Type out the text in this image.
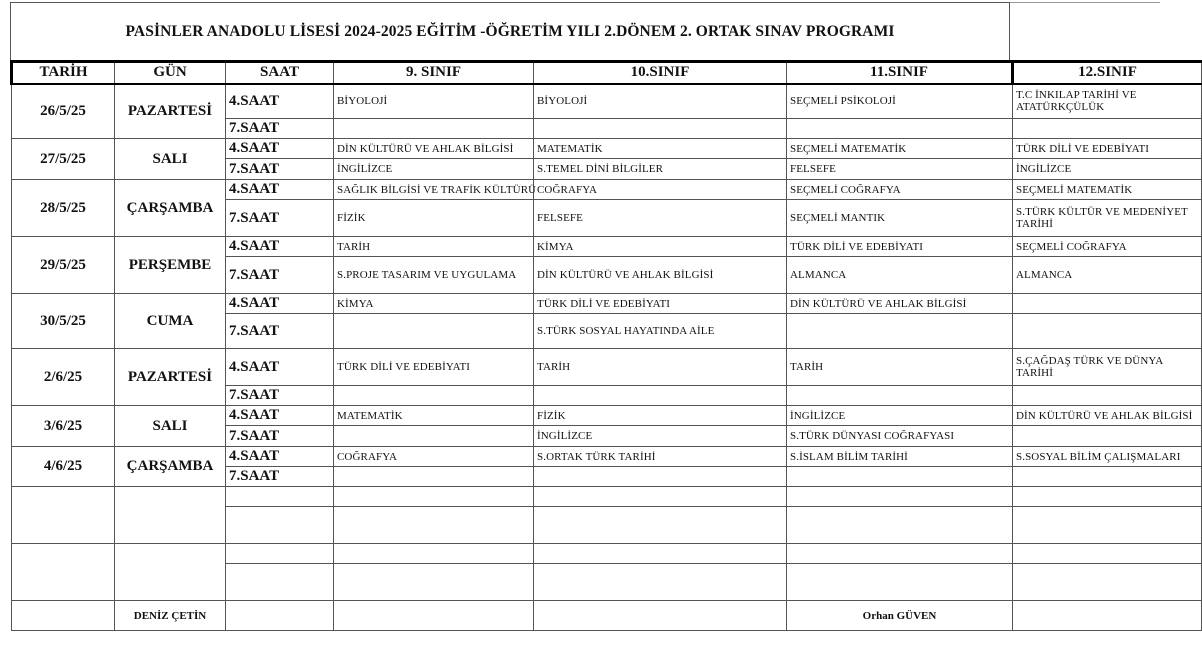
PASİNLER ANADOLU LİSESİ 2024-2025 EĞİTİM -ÖĞRETİM YILI 2.DÖNEM 2. ORTAK SINAV PROGRAMI
TARİH	GÜN	SAAT	9. SINIF	10.SINIF	11.SINIF	12.SINIF
26/5/25	PAZARTESİ	4.SAAT	BİYOLOJİ	BİYOLOJİ	SEÇMELİ PSİKOLOJİ	T.C İNKILAP TARİHİ VE ATATÜRKÇÜLÜK
		7.SAAT				
27/5/25	SALI	4.SAAT	DİN KÜLTÜRÜ VE AHLAK BİLGİSİ	MATEMATİK	SEÇMELİ MATEMATİK	TÜRK DİLİ VE EDEBİYATI
		7.SAAT	İNGİLİZCE	S.TEMEL DİNİ BİLGİLER	FELSEFE	İNGİLİZCE
28/5/25	ÇARŞAMBA	4.SAAT	SAĞLIK BİLGİSİ VE TRAFİK KÜLTÜRÜ	COĞRAFYA	SEÇMELİ COĞRAFYA	SEÇMELİ MATEMATİK
		7.SAAT	FİZİK	FELSEFE	SEÇMELİ MANTIK	S.TÜRK KÜLTÜR VE MEDENİYET TARİHİ
29/5/25	PERŞEMBE	4.SAAT	TARİH	KİMYA	TÜRK DİLİ VE EDEBİYATI	SEÇMELİ COĞRAFYA
		7.SAAT	S.PROJE TASARIM VE UYGULAMA	DİN KÜLTÜRÜ VE AHLAK BİLGİSİ	ALMANCA	ALMANCA
30/5/25	CUMA	4.SAAT	KİMYA	TÜRK DİLİ VE EDEBİYATI	DİN KÜLTÜRÜ VE AHLAK BİLGİSİ	
		7.SAAT		S.TÜRK SOSYAL HAYATINDA AİLE		
2/6/25	PAZARTESİ	4.SAAT	TÜRK DİLİ VE EDEBİYATI	TARİH	TARİH	S.ÇAĞDAŞ TÜRK VE DÜNYA TARİHİ
		7.SAAT				
3/6/25	SALI	4.SAAT	MATEMATİK	FİZİK	İNGİLİZCE	DİN KÜLTÜRÜ VE AHLAK BİLGİSİ
		7.SAAT		İNGİLİZCE	S.TÜRK DÜNYASI COĞRAFYASI	
4/6/25	ÇARŞAMBA	4.SAAT	COĞRAFYA	S.ORTAK TÜRK TARİHİ	S.İSLAM BİLİM TARİHİ	S.SOSYAL BİLİM ÇALIŞMALARI
		7.SAAT				

	DENİZ ÇETİN				Orhan GÜVEN	
